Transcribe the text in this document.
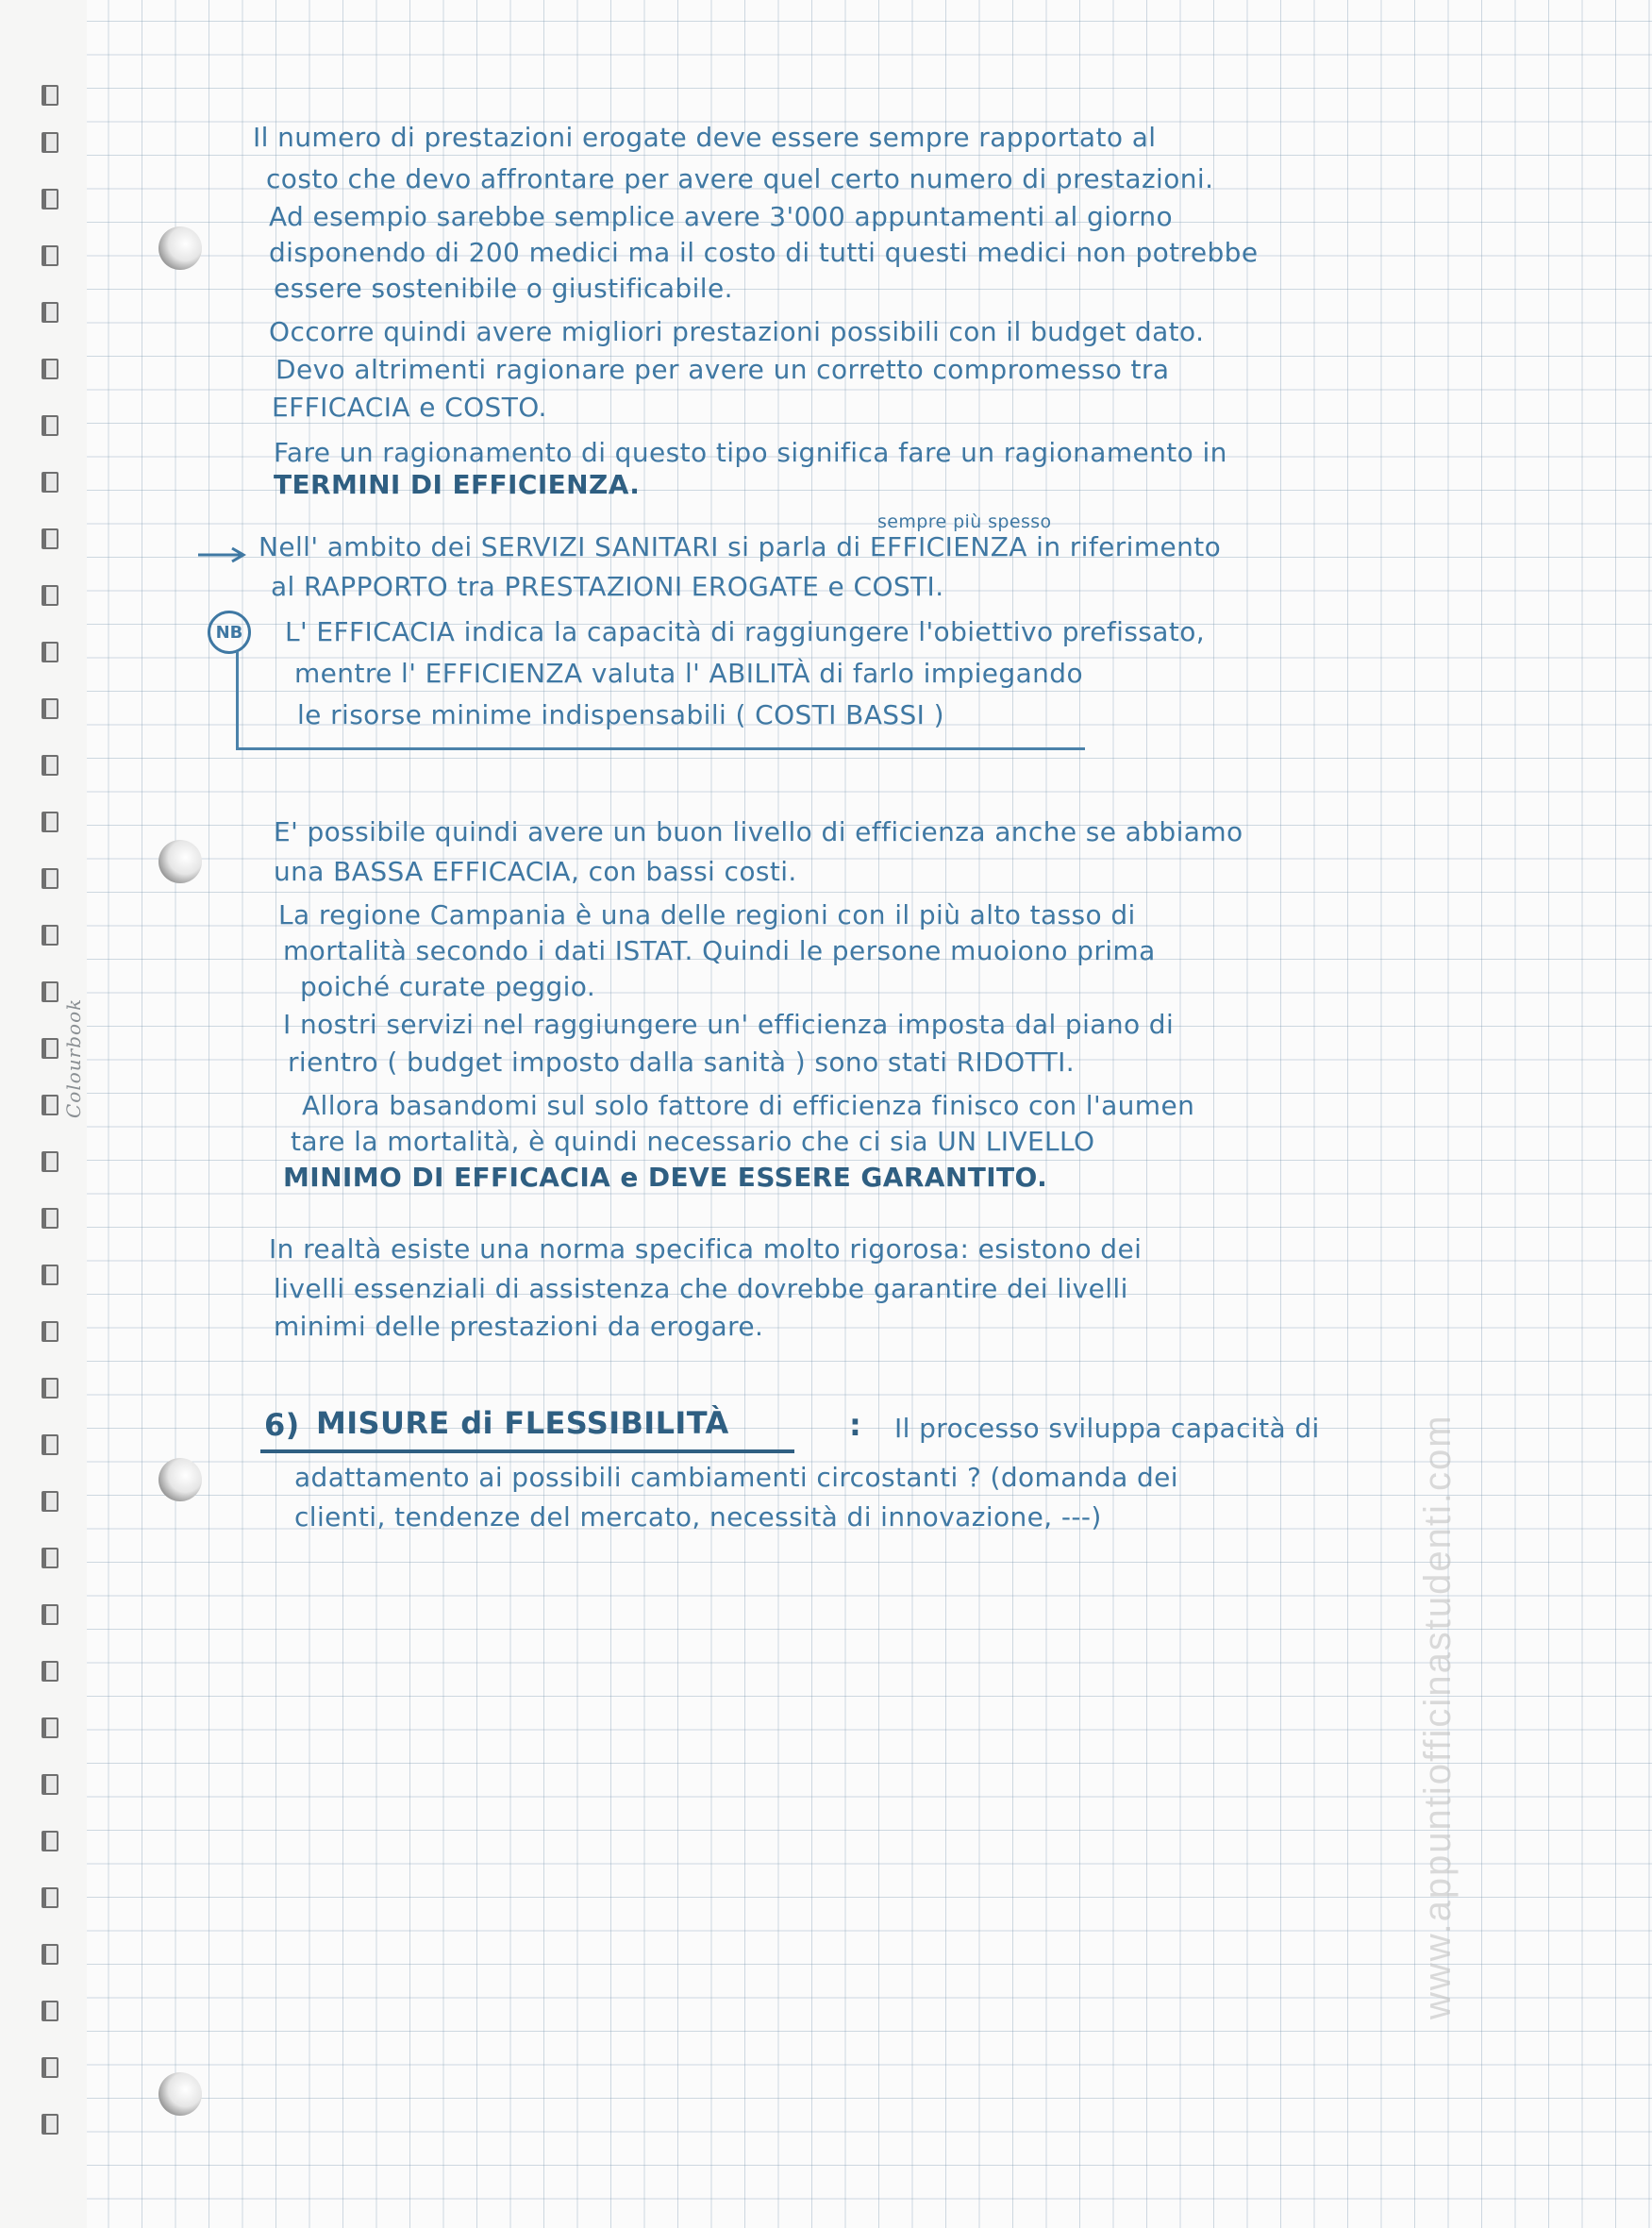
Colourbook
www.appuntiofficinastudenti.com

Il numero di prestazioni erogate deve essere sempre rapportato al

costo che devo affrontare per avere quel certo numero di prestazioni.

Ad esempio sarebbe semplice avere 3'000 appuntamenti al giorno

disponendo di 200 medici ma il costo di tutti questi medici non potrebbe

essere sostenibile o giustificabile.

Occorre quindi avere migliori prestazioni possibili con il budget dato.

Devo altrimenti ragionare per avere un corretto compromesso tra

EFFICACIA e COSTO.

Fare un ragionamento di questo tipo significa fare un ragionamento in

TERMINI DI EFFICIENZA.

sempre più spesso

Nell' ambito dei SERVIZI SANITARI si parla di EFFICIENZA in riferimento

al RAPPORTO tra PRESTAZIONI EROGATE e COSTI.

NB	L' EFFICACIA indica la capacità di raggiungere l'obiettivo prefissato,

mentre l' EFFICIENZA valuta l' ABILITÀ di farlo impiegando

le risorse minime indispensabili ( COSTI BASSI )

E' possibile quindi avere un buon livello di efficienza anche se abbiamo

una BASSA EFFICACIA, con bassi costi.

La regione Campania è una delle regioni con il più alto tasso di

mortalità secondo i dati ISTAT. Quindi le persone muoiono prima

poiché curate peggio.

I nostri servizi nel raggiungere un' efficienza imposta dal piano di

rientro ( budget imposto dalla sanità ) sono stati RIDOTTI.

Allora basandomi sul solo fattore di efficienza finisco con l'aumen

tare la mortalità, è quindi necessario che ci sia UN LIVELLO

MINIMO DI EFFICACIA e DEVE ESSERE GARANTITO.

In realtà esiste una norma specifica molto rigorosa: esistono dei

livelli essenziali di assistenza che dovrebbe garantire dei livelli

minimi delle prestazioni da erogare.

6) MISURE di FLESSIBILITÀ	: Il processo sviluppa capacità di

adattamento ai possibili cambiamenti circostanti ? (domanda dei

clienti, tendenze del mercato, necessità di innovazione, ---)
